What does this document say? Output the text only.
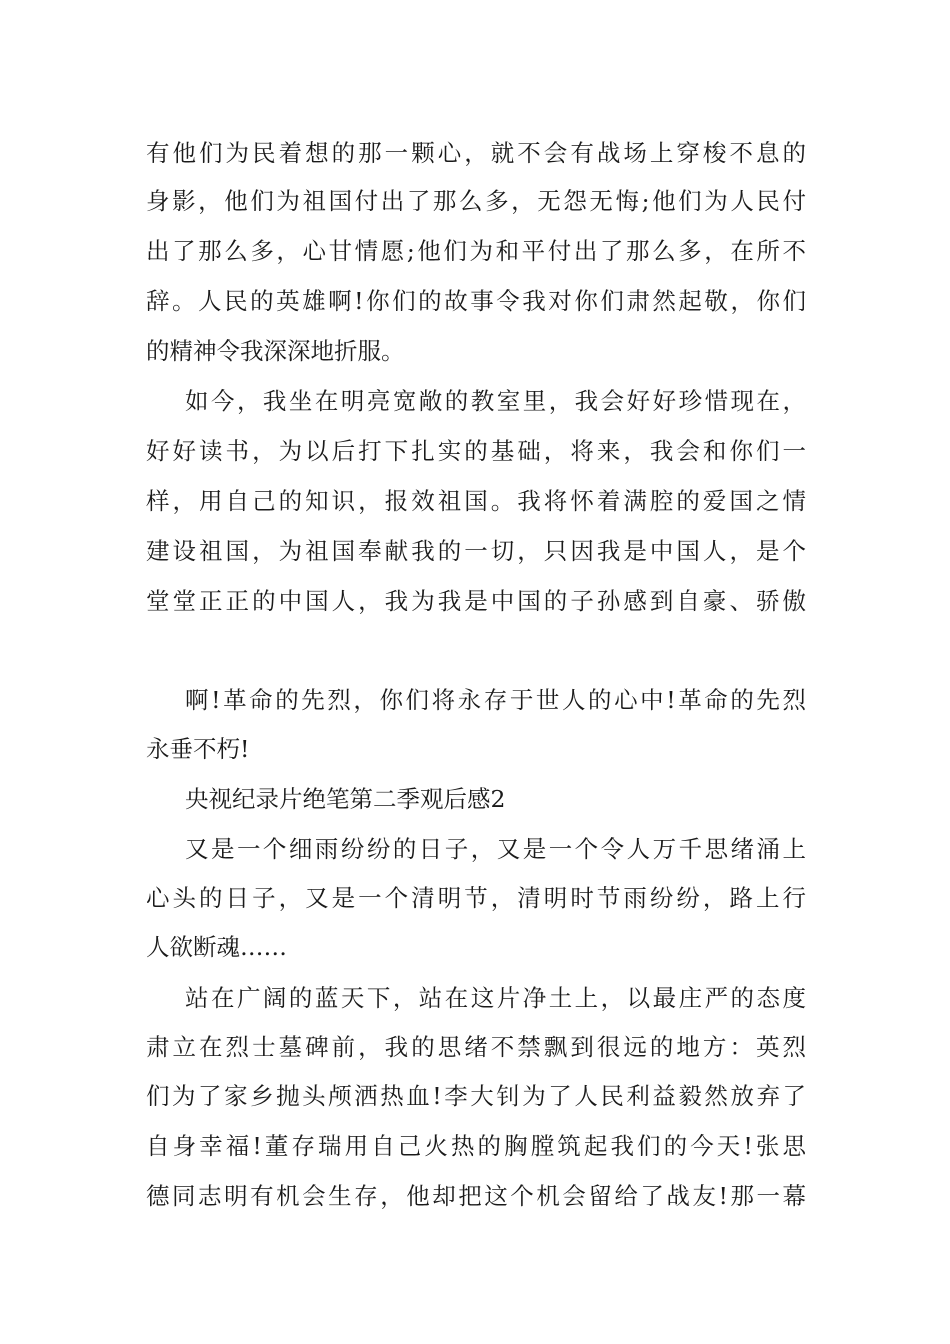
有他们为民着想的那一颗心，就不会有战场上穿梭不息的
身影，他们为祖国付出了那么多，无怨无悔;他们为人民付
出了那么多，心甘情愿;他们为和平付出了那么多，在所不
辞。人民的英雄啊!你们的故事令我对你们肃然起敬，你们
的精神令我深深地折服。
如今，我坐在明亮宽敞的教室里，我会好好珍惜现在，
好好读书，为以后打下扎实的基础，将来，我会和你们一
样，用自己的知识，报效祖国。我将怀着满腔的爱国之情
建设祖国，为祖国奉献我的一切，只因我是中国人，是个
堂堂正正的中国人，我为我是中国的子孙感到自豪、骄傲
啊!革命的先烈，你们将永存于世人的心中!革命的先烈
永垂不朽!
央视纪录片绝笔第二季观后感2
又是一个细雨纷纷的日子，又是一个令人万千思绪涌上
心头的日子，又是一个清明节，清明时节雨纷纷，路上行
人欲断魂……
站在广阔的蓝天下，站在这片净土上，以最庄严的态度
肃立在烈士墓碑前，我的思绪不禁飘到很远的地方：英烈
们为了家乡抛头颅洒热血!李大钊为了人民利益毅然放弃了
自身幸福!董存瑞用自己火热的胸膛筑起我们的今天!张思
德同志明有机会生存，他却把这个机会留给了战友!那一幕
